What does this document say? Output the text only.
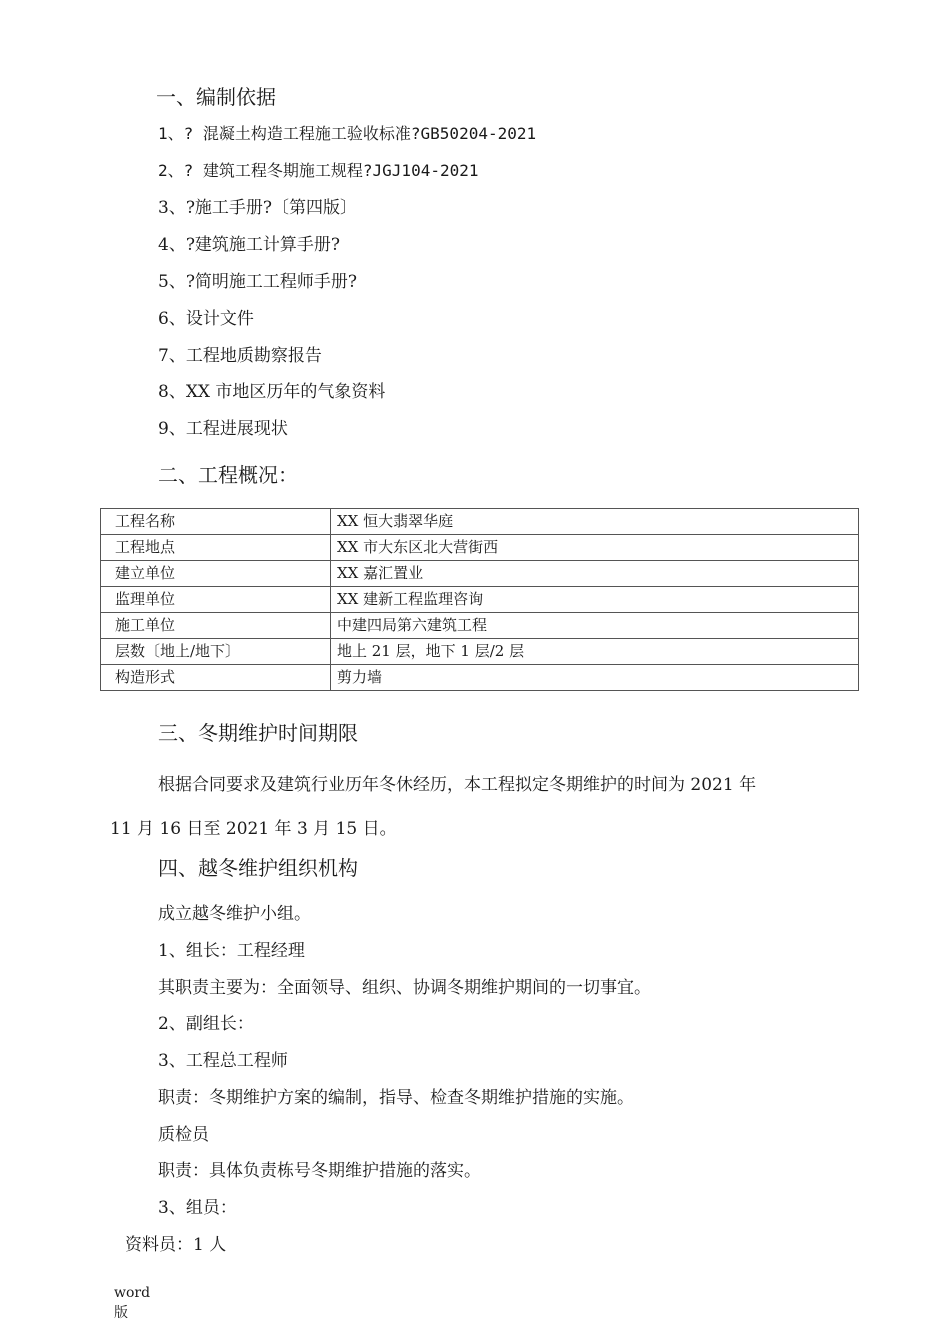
一、编制依据
1、? 混凝土构造工程施工验收标准?GB50204-2021
2、? 建筑工程冬期施工规程?JGJ104-2021
3、?施工手册?〔第四版〕
4、?建筑施工计算手册?
5、?简明施工工程师手册?
6、设计文件
7、工程地质勘察报告
8、XX 市地区历年的气象资料
9、工程进展现状
二、工程概况：
工程名称	XX 恒大翡翠华庭
工程地点	XX 市大东区北大营街西
建立单位	XX 嘉汇置业
监理单位	XX 建新工程监理咨询
施工单位	中建四局第六建筑工程
层数〔地上/地下〕	地上 21 层，地下 1 层/2 层
构造形式	剪力墙
三、冬期维护时间期限
根据合同要求及建筑行业历年冬休经历，本工程拟定冬期维护的时间为 2021 年
11 月 16 日至 2021 年 3 月 15 日。
四、越冬维护组织机构
成立越冬维护小组。
1、组长：工程经理
其职责主要为：全面领导、组织、协调冬期维护期间的一切事宜。
2、副组长：
3、工程总工程师
职责：冬期维护方案的编制，指导、检查冬期维护措施的实施。
质检员
职责：具体负责栋号冬期维护措施的落实。
3、组员：
资料员：1 人
word
版
